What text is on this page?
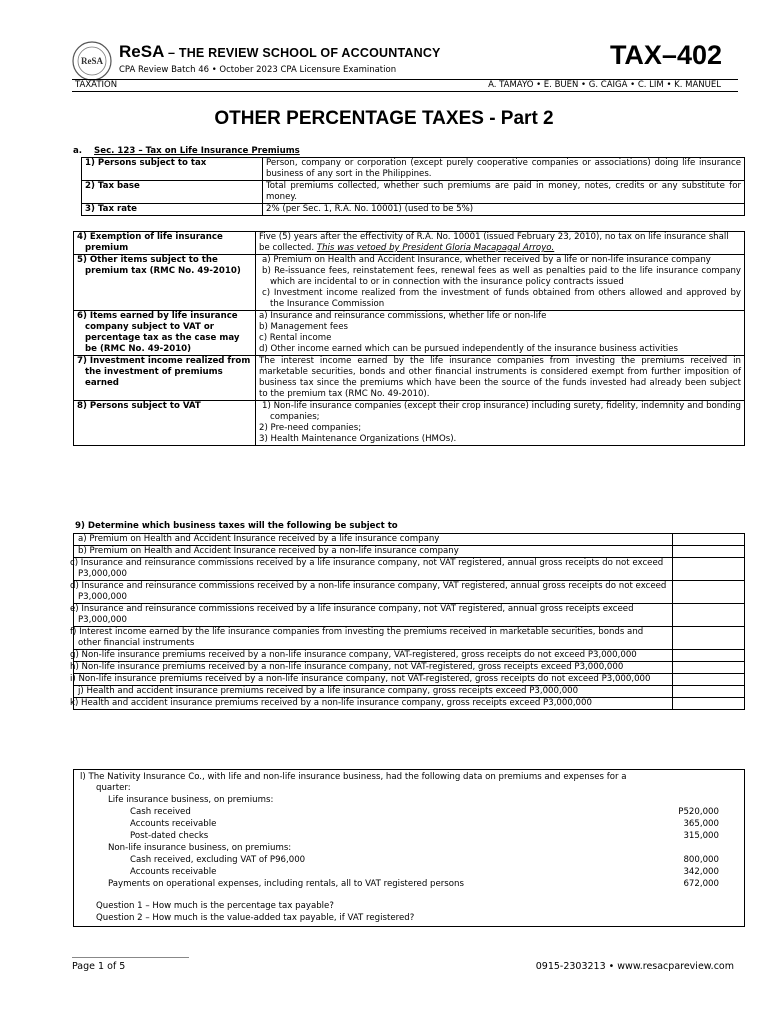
ReSA ReSA – THE REVIEW SCHOOL OF ACCOUNTANCY
CPA Review Batch 46 • October 2023 CPA Licensure Examination	TAX–402
TAXATION	A. TAMAYO • E. BUEN • G. CAIGA • C. LIM • K. MANUEL
OTHER PERCENTAGE TAXES - Part 2
a. Sec. 123 – Tax on Life Insurance Premiums
1) Persons subject to tax	Person, company or corporation (except purely cooperative companies or associations) doing life insurance business of any sort in the Philippines.
2) Tax base	Total premiums collected, whether such premiums are paid in money, notes, credits or any substitute for money.
3) Tax rate	2% (per Sec. 1, R.A. No. 10001) (used to be 5%)
4) Exemption of life insurance premium	Five (5) years after the effectivity of R.A. No. 10001 (issued February 23, 2010), no tax on life insurance shall be collected. This was vetoed by President Gloria Macapagal Arroyo.
5) Other items subject to the premium tax (RMC No. 49-2010)	a) Premium on Health and Accident Insurance, whether received by a life or non-life insurance company
b) Re-issuance fees, reinstatement fees, renewal fees as well as penalties paid to the life insurance company which are incidental to or in connection with the insurance policy contracts issued
c) Investment income realized from the investment of funds obtained from others allowed and approved by the Insurance Commission

6) Items earned by life insurance company subject to VAT or percentage tax as the case may be (RMC No. 49-2010)	a) Insurance and reinsurance commissions, whether life or non-life
b) Management fees
c) Rental income
d) Other income earned which can be pursued independently of the insurance business activities

7) Investment income realized from the investment of premiums earned	The interest income earned by the life insurance companies from investing the premiums received in marketable securities, bonds and other financial instruments is considered exempt from further imposition of business tax since the premiums which have been the source of the funds invested had already been subject to the premium tax (RMC No. 49-2010).
8) Persons subject to VAT	1) Non-life insurance companies (except their crop insurance) including surety, fidelity, indemnity and bonding companies;
2) Pre-need companies;
3) Health Maintenance Organizations (HMOs).
9) Determine which business taxes will the following be subject to
a) Premium on Health and Accident Insurance received by a life insurance company	
b) Premium on Health and Accident Insurance received by a non-life insurance company	
c) Insurance and reinsurance commissions received by a life insurance company, not VAT registered, annual gross receipts do not exceed P3,000,000	
d) Insurance and reinsurance commissions received by a non-life insurance company, VAT registered, annual gross receipts do not exceed P3,000,000	
e) Insurance and reinsurance commissions received by a life insurance company, not VAT registered, annual gross receipts exceed P3,000,000	
f) Interest income earned by the life insurance companies from investing the premiums received in marketable securities, bonds and other financial instruments	
g) Non-life insurance premiums received by a non-life insurance company, VAT-registered, gross receipts do not exceed P3,000,000	
h) Non-life insurance premiums received by a non-life insurance company, not VAT-registered, gross receipts exceed P3,000,000	
i) Non-life insurance premiums received by a non-life insurance company, not VAT-registered, gross receipts do not exceed P3,000,000	
j) Health and accident insurance premiums received by a life insurance company, gross receipts exceed P3,000,000	
k) Health and accident insurance premiums received by a non-life insurance company, gross receipts exceed P3,000,000	
l) The Nativity Insurance Co., with life and non-life insurance business, had the following data on premiums and expenses for a
quarter:
Life insurance business, on premiums:
Cash received	P520,000
Accounts receivable	365,000
Post-dated checks	315,000
Non-life insurance business, on premiums:
Cash received, excluding VAT of P96,000	800,000
Accounts receivable	342,000
Payments on operational expenses, including rentals, all to VAT registered persons	672,000
Question 1 – How much is the percentage tax payable?
Question 2 – How much is the value-added tax payable, if VAT registered?
Page 1 of 5	0915-2303213 • www.resacpareview.com
